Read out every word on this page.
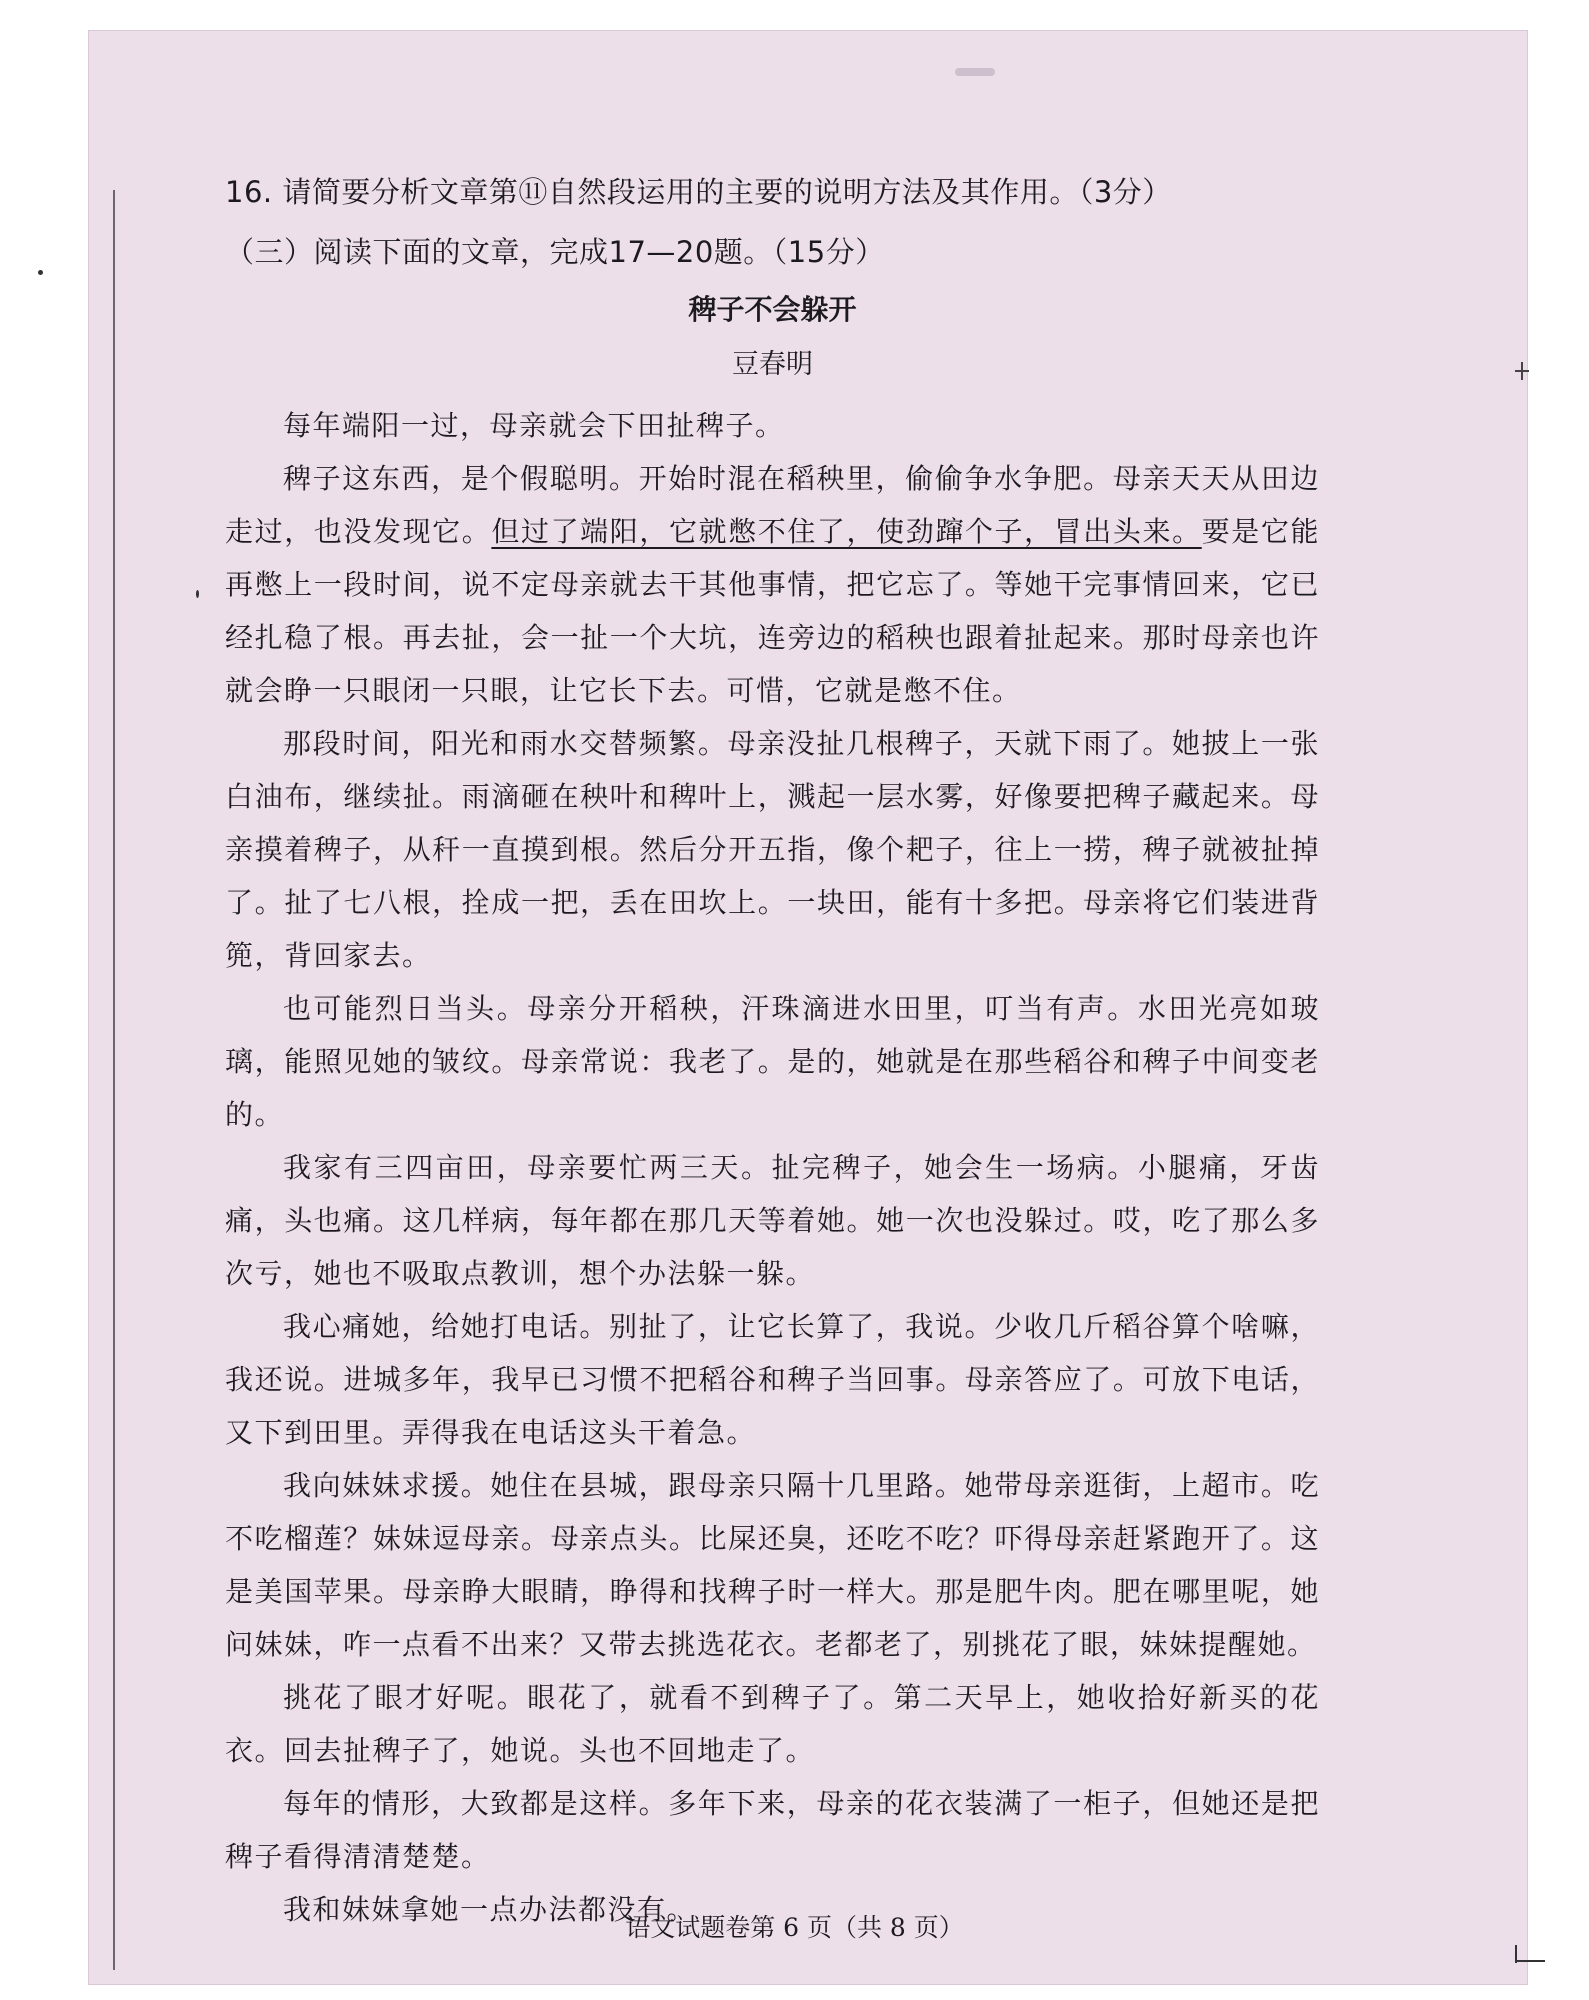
16. 请简要分析文章第⑪自然段运用的主要的说明方法及其作用。（3分）

（三）阅读下面的文章，完成17—20题。（15分）

稗子不会躲开
豆春明

每年端阳一过，母亲就会下田扯稗子。

稗子这东西，是个假聪明。开始时混在稻秧里，偷偷争水争肥。母亲天天从田边走过，也没发现它。但过了端阳，它就憋不住了，使劲蹿个子，冒出头来。要是它能再憋上一段时间，说不定母亲就去干其他事情，把它忘了。等她干完事情回来，它已经扎稳了根。再去扯，会一扯一个大坑，连旁边的稻秧也跟着扯起来。那时母亲也许就会睁一只眼闭一只眼，让它长下去。可惜，它就是憋不住。

那段时间，阳光和雨水交替频繁。母亲没扯几根稗子，天就下雨了。她披上一张白油布，继续扯。雨滴砸在秧叶和稗叶上，溅起一层水雾，好像要把稗子藏起来。母亲摸着稗子，从秆一直摸到根。然后分开五指，像个耙子，往上一捞，稗子就被扯掉了。扯了七八根，拴成一把，丢在田坎上。一块田，能有十多把。母亲将它们装进背篼，背回家去。

也可能烈日当头。母亲分开稻秧，汗珠滴进水田里，叮当有声。水田光亮如玻璃，能照见她的皱纹。母亲常说：我老了。是的，她就是在那些稻谷和稗子中间变老的。

我家有三四亩田，母亲要忙两三天。扯完稗子，她会生一场病。小腿痛，牙齿痛，头也痛。这几样病，每年都在那几天等着她。她一次也没躲过。哎，吃了那么多次亏，她也不吸取点教训，想个办法躲一躲。

我心痛她，给她打电话。别扯了，让它长算了，我说。少收几斤稻谷算个啥嘛，我还说。进城多年，我早已习惯不把稻谷和稗子当回事。母亲答应了。可放下电话，又下到田里。弄得我在电话这头干着急。

我向妹妹求援。她住在县城，跟母亲只隔十几里路。她带母亲逛街，上超市。吃不吃榴莲？妹妹逗母亲。母亲点头。比屎还臭，还吃不吃？吓得母亲赶紧跑开了。这是美国苹果。母亲睁大眼睛，睁得和找稗子时一样大。那是肥牛肉。肥在哪里呢，她问妹妹，咋一点看不出来？又带去挑选花衣。老都老了，别挑花了眼，妹妹提醒她。

挑花了眼才好呢。眼花了，就看不到稗子了。第二天早上，她收拾好新买的花衣。回去扯稗子了，她说。头也不回地走了。

每年的情形，大致都是这样。多年下来，母亲的花衣装满了一柜子，但她还是把稗子看得清清楚楚。

我和妹妹拿她一点办法都没有。

语文试题卷第 6 页（共 8 页）
